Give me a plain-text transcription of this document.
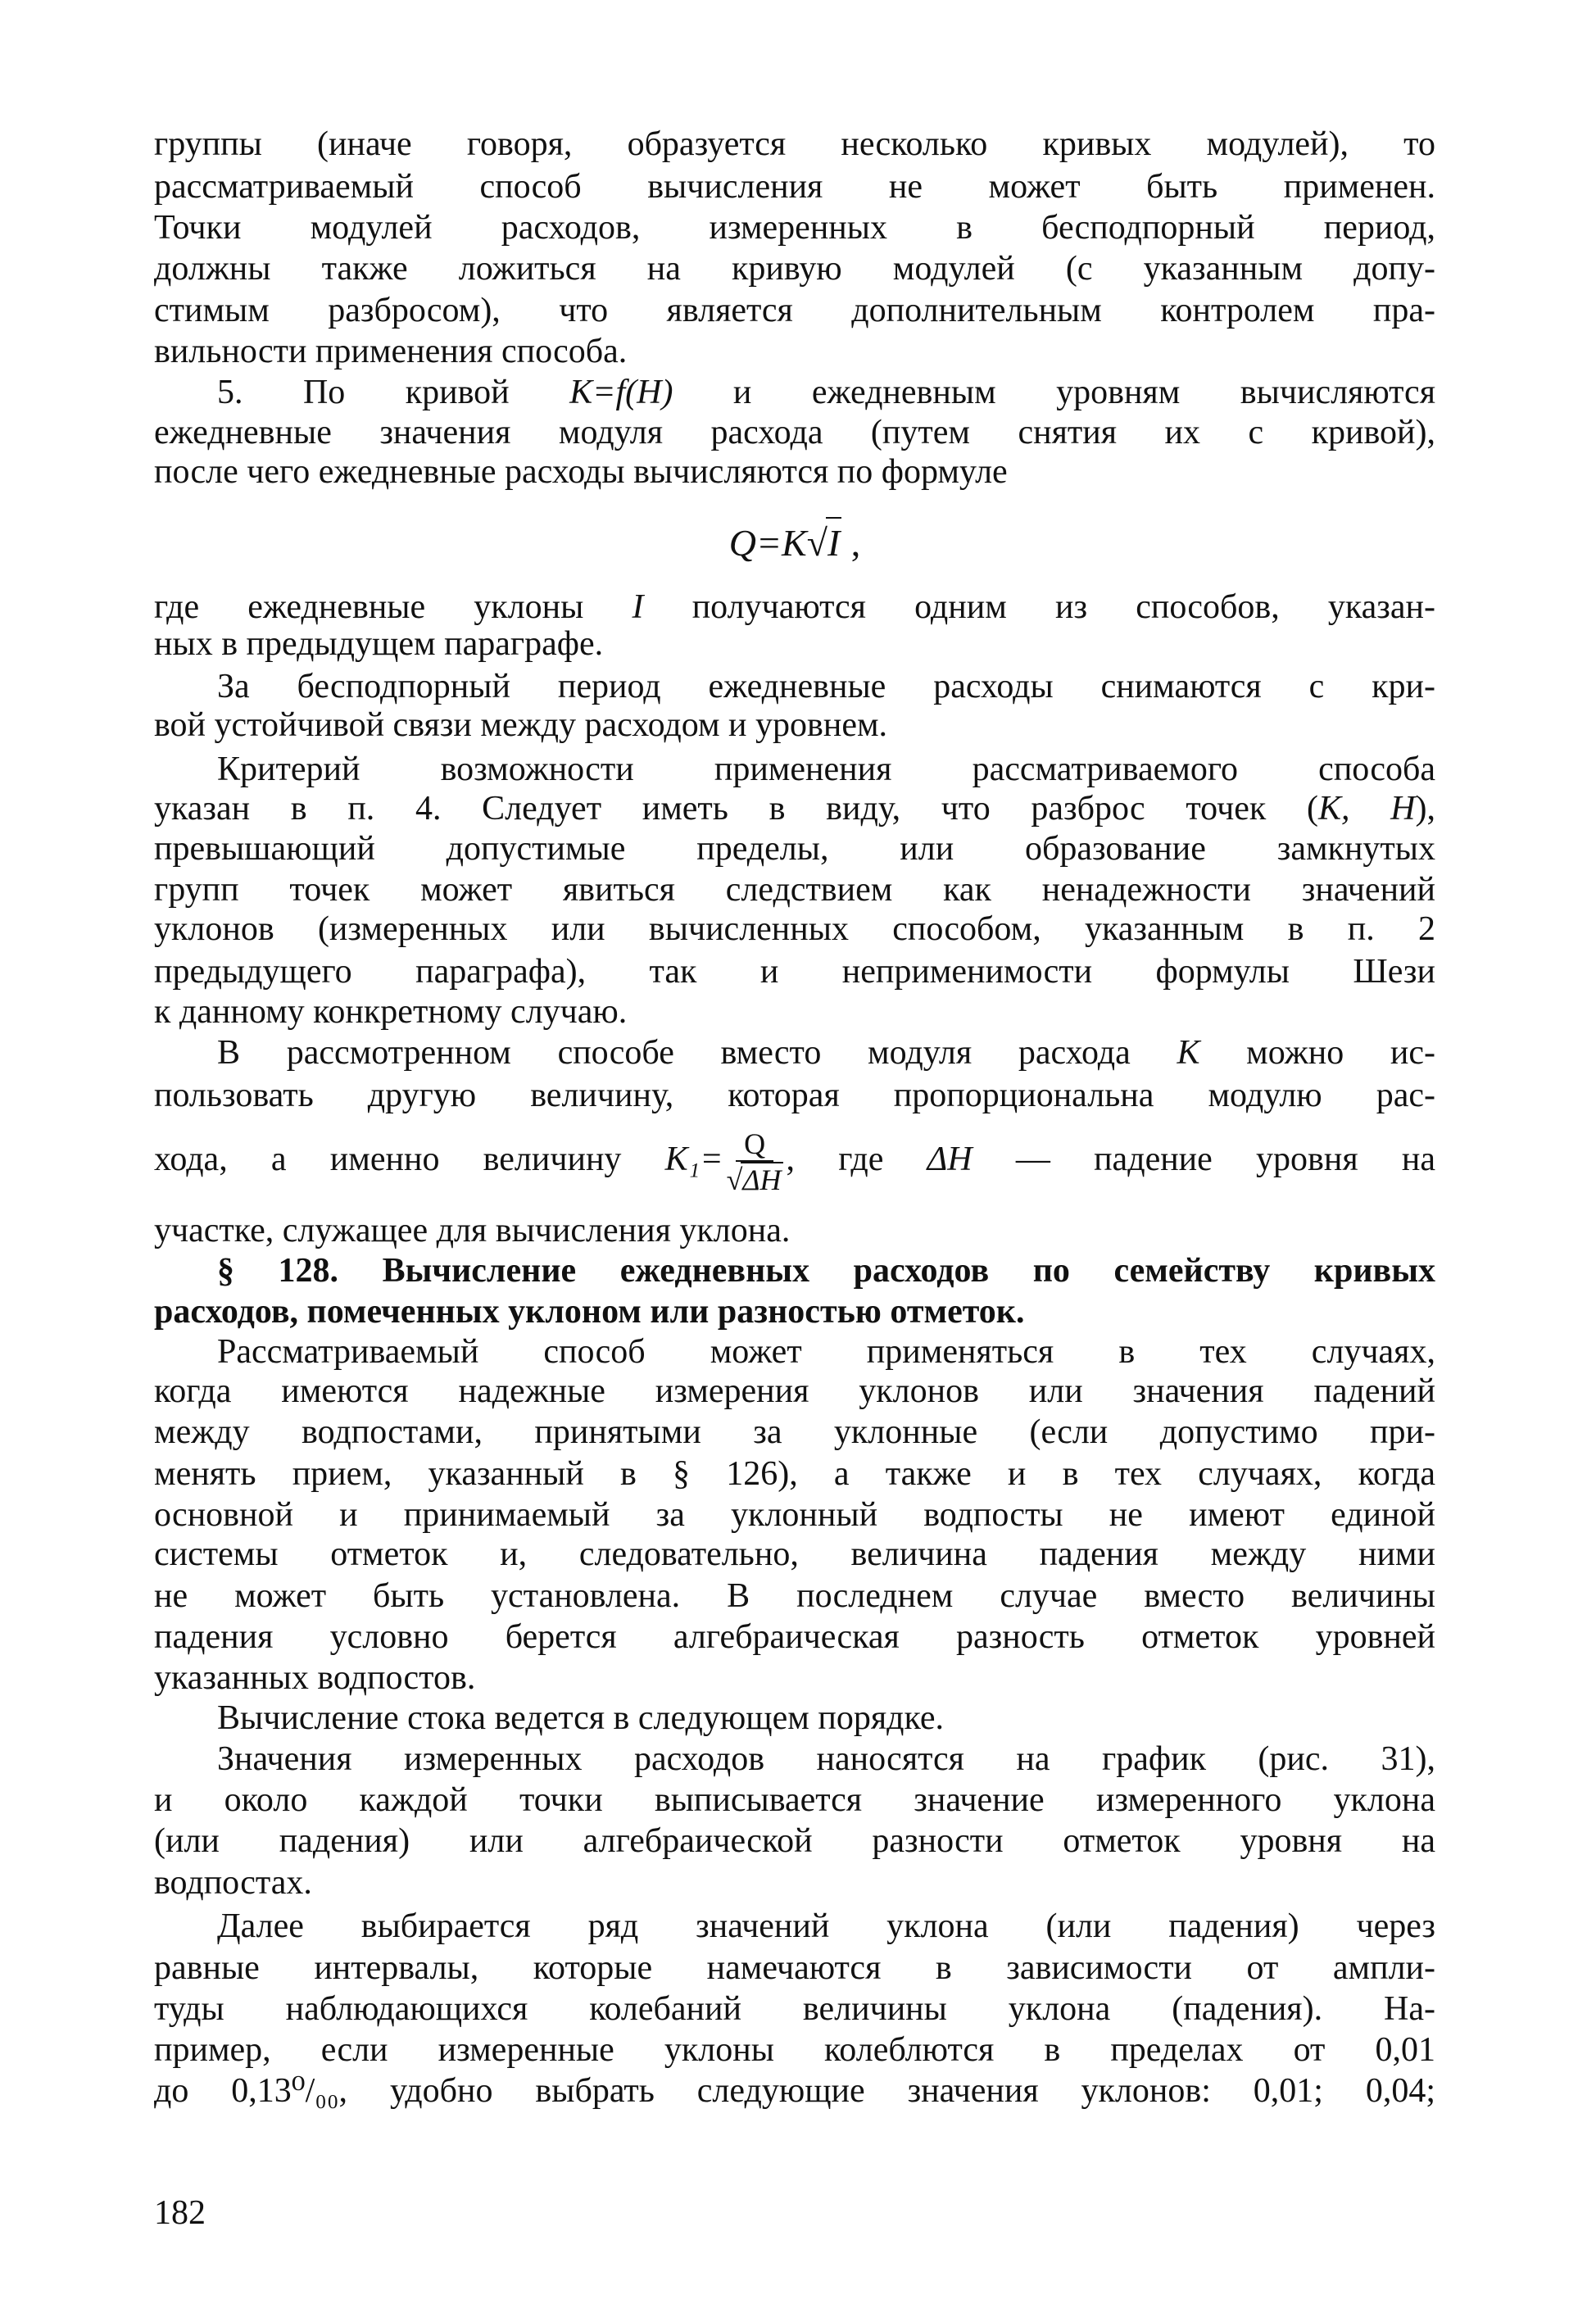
группы (иначе говоря, образуется несколько кривых модулей), то
рассматриваемый способ вычисления не может быть применен.
Точки модулей расходов, измеренных в бесподпорный период,
должны также ложиться на кривую модулей (с указанным допу-
стимым разбросом), что является дополнительным контролем пра-
вильности применения способа.
5. По кривой K=f(H) и ежедневным уровням вычисляются
ежедневные значения модуля расхода (путем снятия их с кривой),
после чего ежедневные расходы вычисляются по формуле
Q=K√I ,
где ежедневные уклоны I получаются одним из способов, указан-
ных в предыдущем параграфе.
За бесподпорный период ежедневные расходы снимаются с кри-
вой устойчивой связи между расходом и уровнем.
Критерий возможности применения рассматриваемого способа
указан в п. 4. Следует иметь в виду, что разброс точек (K, H),
превышающий допустимые пределы, или образование замкнутых
групп точек может явиться следствием как ненадежности значений
уклонов (измеренных или вычисленных способом, указанным в п. 2
предыдущего параграфа), так и неприменимости формулы Шези
к данному конкретному случаю.
В рассмотренном способе вместо модуля расхода K можно ис-
пользовать другую величину, которая пропорциональна модулю рас-
хода, а именно величину $K_1= \frac{Q}{√\Delta H}$ , где ΔH — падение уровня на
участке, служащее для вычисления уклона.
§ 128. Вычисление ежедневных расходов по семейству кривых
расходов, помеченных уклоном или разностью отметок.
Рассматриваемый способ может применяться в тех случаях,
когда имеются надежные измерения уклонов или значения падений
между водпостами, принятыми за уклонные (если допустимо при-
менять прием, указанный в § 126), а также и в тех случаях, когда
основной и принимаемый за уклонный водпосты не имеют единой
системы отметок и, следовательно, величина падения между ними
не может быть установлена. В последнем случае вместо величины
падения условно берется алгебраическая разность отметок уровней
указанных водпостов.
Вычисление стока ведется в следующем порядке.
Значения измеренных расходов наносятся на график (рис. 31),
и около каждой точки выписывается значение измеренного уклона
(или падения) или алгебраической разности отметок уровня на
водпостах.
Далее выбирается ряд значений уклона (или падения) через
равные интервалы, которые намечаются в зависимости от ампли-
туды наблюдающихся колебаний величины уклона (падения). На-
пример, если измеренные уклоны колеблются в пределах от 0,01
до 0,13⁰/₀₀, удобно выбрать следующие значения уклонов: 0,01; 0,04;
182
